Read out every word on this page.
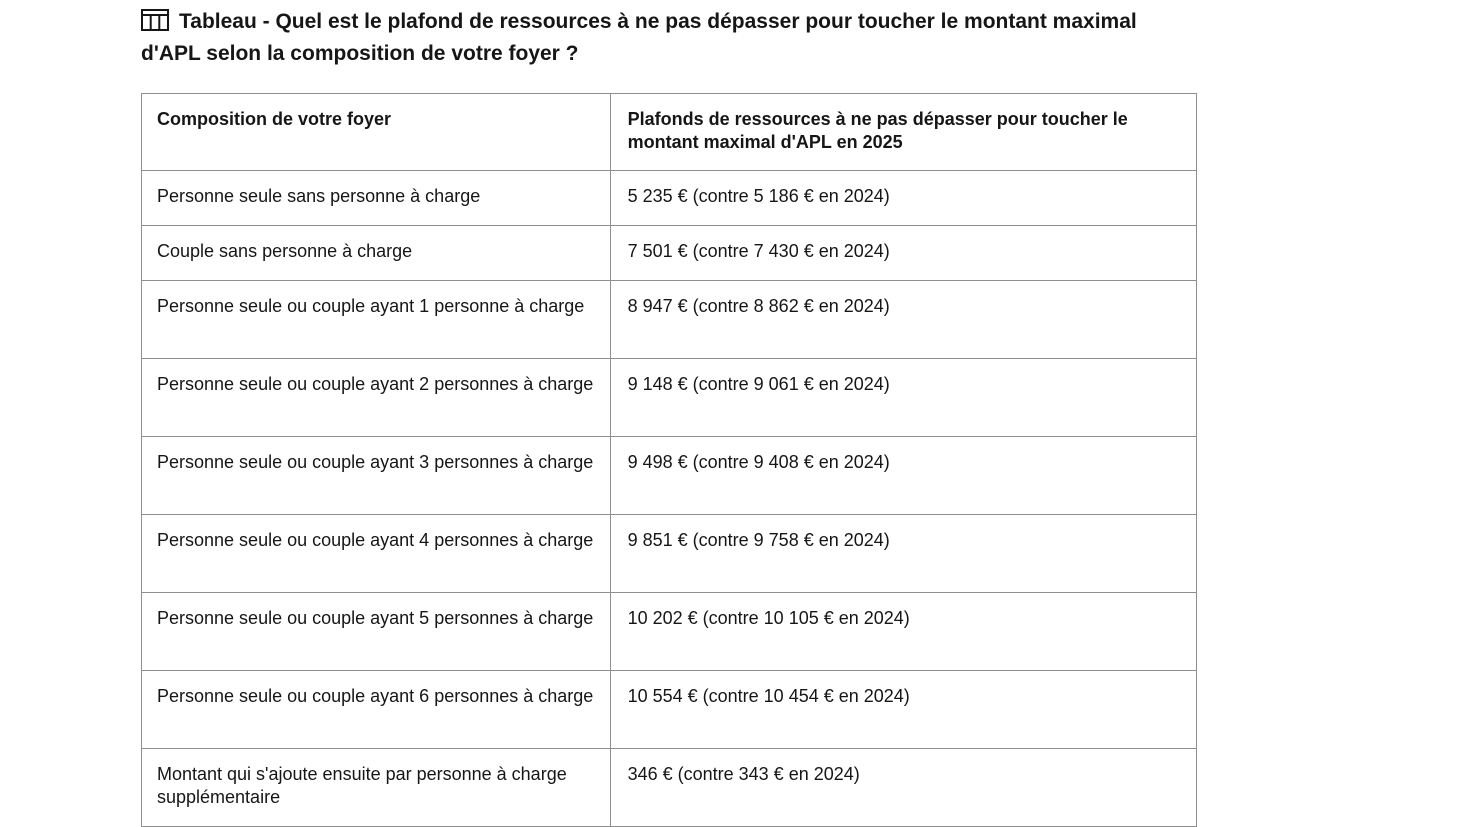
Tableau - Quel est le plafond de ressources à ne pas dépasser pour toucher le montant maximal d'APL selon la composition de votre foyer ?
Composition de votre foyer	Plafonds de ressources à ne pas dépasser pour toucher le montant maximal d'APL en 2025
Personne seule sans personne à charge	5 235 € (contre 5 186 € en 2024)
Couple sans personne à charge	7 501 € (contre 7 430 € en 2024)
Personne seule ou couple ayant 1 personne à charge	8 947 € (contre 8 862 € en 2024)
Personne seule ou couple ayant 2 personnes à charge	9 148 € (contre 9 061 € en 2024)
Personne seule ou couple ayant 3 personnes à charge	9 498 € (contre 9 408 € en 2024)
Personne seule ou couple ayant 4 personnes à charge	9 851 € (contre 9 758 € en 2024)
Personne seule ou couple ayant 5 personnes à charge	10 202 € (contre 10 105 € en 2024)
Personne seule ou couple ayant 6 personnes à charge	10 554 € (contre 10 454 € en 2024)
Montant qui s'ajoute ensuite par personne à charge supplémentaire	346 € (contre 343 € en 2024)
